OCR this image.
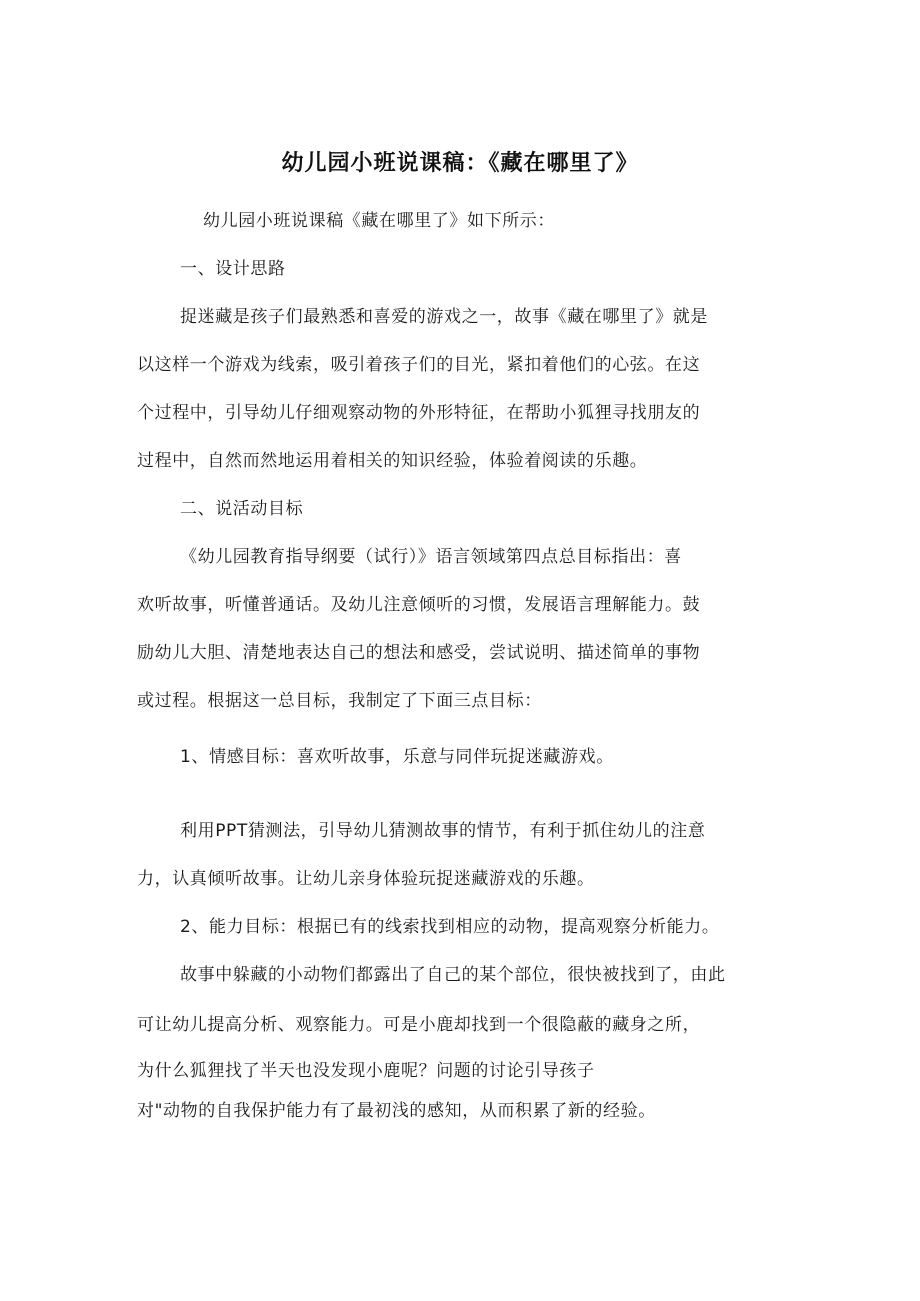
幼儿园小班说课稿：《藏在哪里了》
幼儿园小班说课稿《藏在哪里了》如下所示：
一、设计思路
捉迷藏是孩子们最熟悉和喜爱的游戏之一，故事《藏在哪里了》就是
以这样一个游戏为线索，吸引着孩子们的目光，紧扣着他们的心弦。在这
个过程中，引导幼儿仔细观察动物的外形特征，在帮助小狐狸寻找朋友的
过程中，自然而然地运用着相关的知识经验，体验着阅读的乐趣。
二、说活动目标
《幼儿园教育指导纲要（试行）》语言领域第四点总目标指出：喜
欢听故事，听懂普通话。及幼儿注意倾听的习惯，发展语言理解能力。鼓
励幼儿大胆、清楚地表达自己的想法和感受，尝试说明、描述简单的事物
或过程。根据这一总目标，我制定了下面三点目标：
1、情感目标：喜欢听故事，乐意与同伴玩捉迷藏游戏。
利用PPT猜测法，引导幼儿猜测故事的情节，有利于抓住幼儿的注意
力，认真倾听故事。让幼儿亲身体验玩捉迷藏游戏的乐趣。
2、能力目标：根据已有的线索找到相应的动物，提高观察分析能力。
故事中躲藏的小动物们都露出了自己的某个部位，很快被找到了，由此
可让幼儿提高分析、观察能力。可是小鹿却找到一个很隐蔽的藏身之所，
为什么狐狸找了半天也没发现小鹿呢？问题的讨论引导孩子
对"动物的自我保护能力有了最初浅的感知，从而积累了新的经验。
